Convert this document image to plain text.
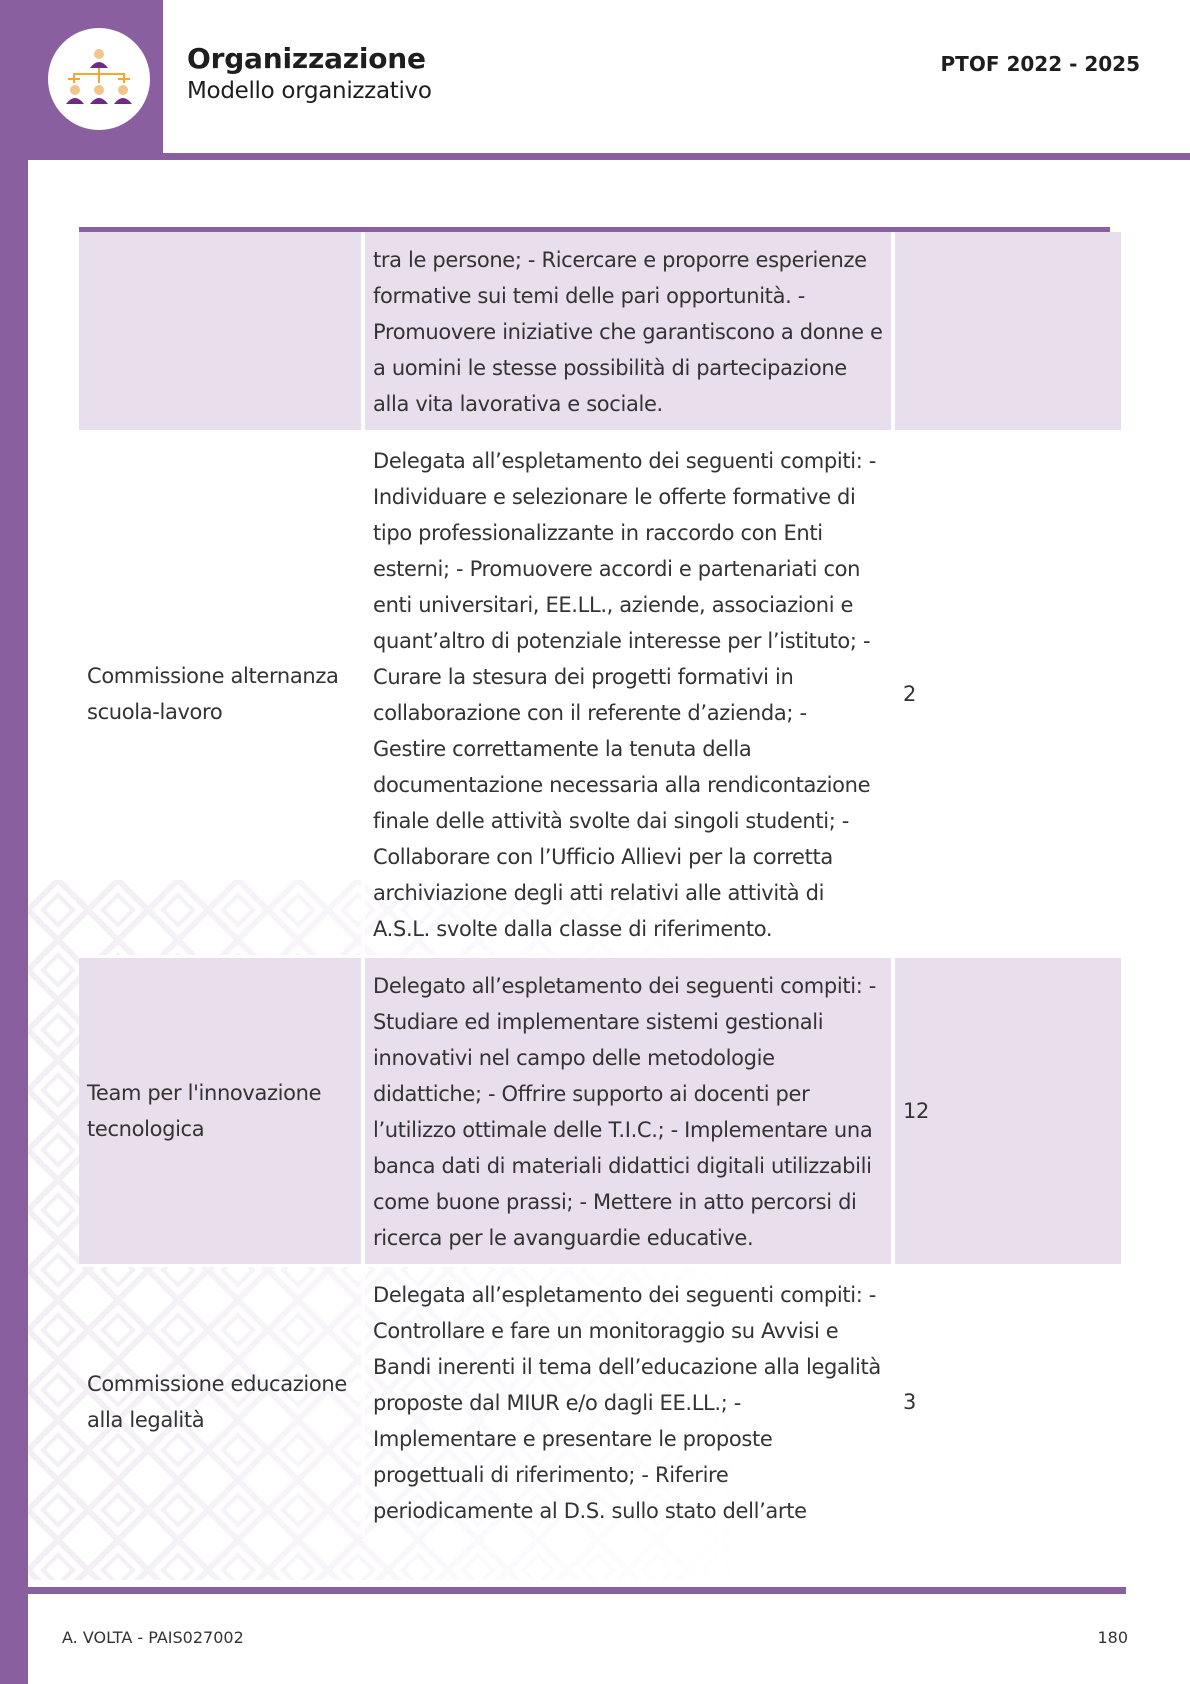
Organizzazione
Modello organizzativo
PTOF 2022 - 2025
	tra le persone; - Ricercare e proporre esperienze formative sui temi delle pari opportunità. - Promuovere iniziative che garantiscono a donne e a uomini le stesse possibilità di partecipazione alla vita lavorativa e sociale.	
Commissione alternanza scuola-lavoro	Delegata all’espletamento dei seguenti compiti: - Individuare e selezionare le offerte formative di tipo professionalizzante in raccordo con Enti esterni; - Promuovere accordi e partenariati con enti universitari, EE.LL., aziende, associazioni e quant’altro di potenziale interesse per l’istituto; - Curare la stesura dei progetti formativi in collaborazione con il referente d’azienda; - Gestire correttamente la tenuta della documentazione necessaria alla rendicontazione finale delle attività svolte dai singoli studenti; - Collaborare con l’Ufficio Allievi per la corretta archiviazione degli atti relativi alle attività di A.S.L. svolte dalla classe di riferimento.	2
Team per l'innovazione tecnologica	Delegato all’espletamento dei seguenti compiti: - Studiare ed implementare sistemi gestionali innovativi nel campo delle metodologie didattiche; - Offrire supporto ai docenti per l’utilizzo ottimale delle T.I.C.; - Implementare una banca dati di materiali didattici digitali utilizzabili come buone prassi; - Mettere in atto percorsi di ricerca per le avanguardie educative.	12
Commissione educazione alla legalità	Delegata all’espletamento dei seguenti compiti: - Controllare e fare un monitoraggio su Avvisi e Bandi inerenti il tema dell’educazione alla legalità proposte dal MIUR e/o dagli EE.LL.; - Implementare e presentare le proposte progettuali di riferimento; - Riferire periodicamente al D.S. sullo stato dell’arte	3
A. VOLTA - PAIS027002	180
